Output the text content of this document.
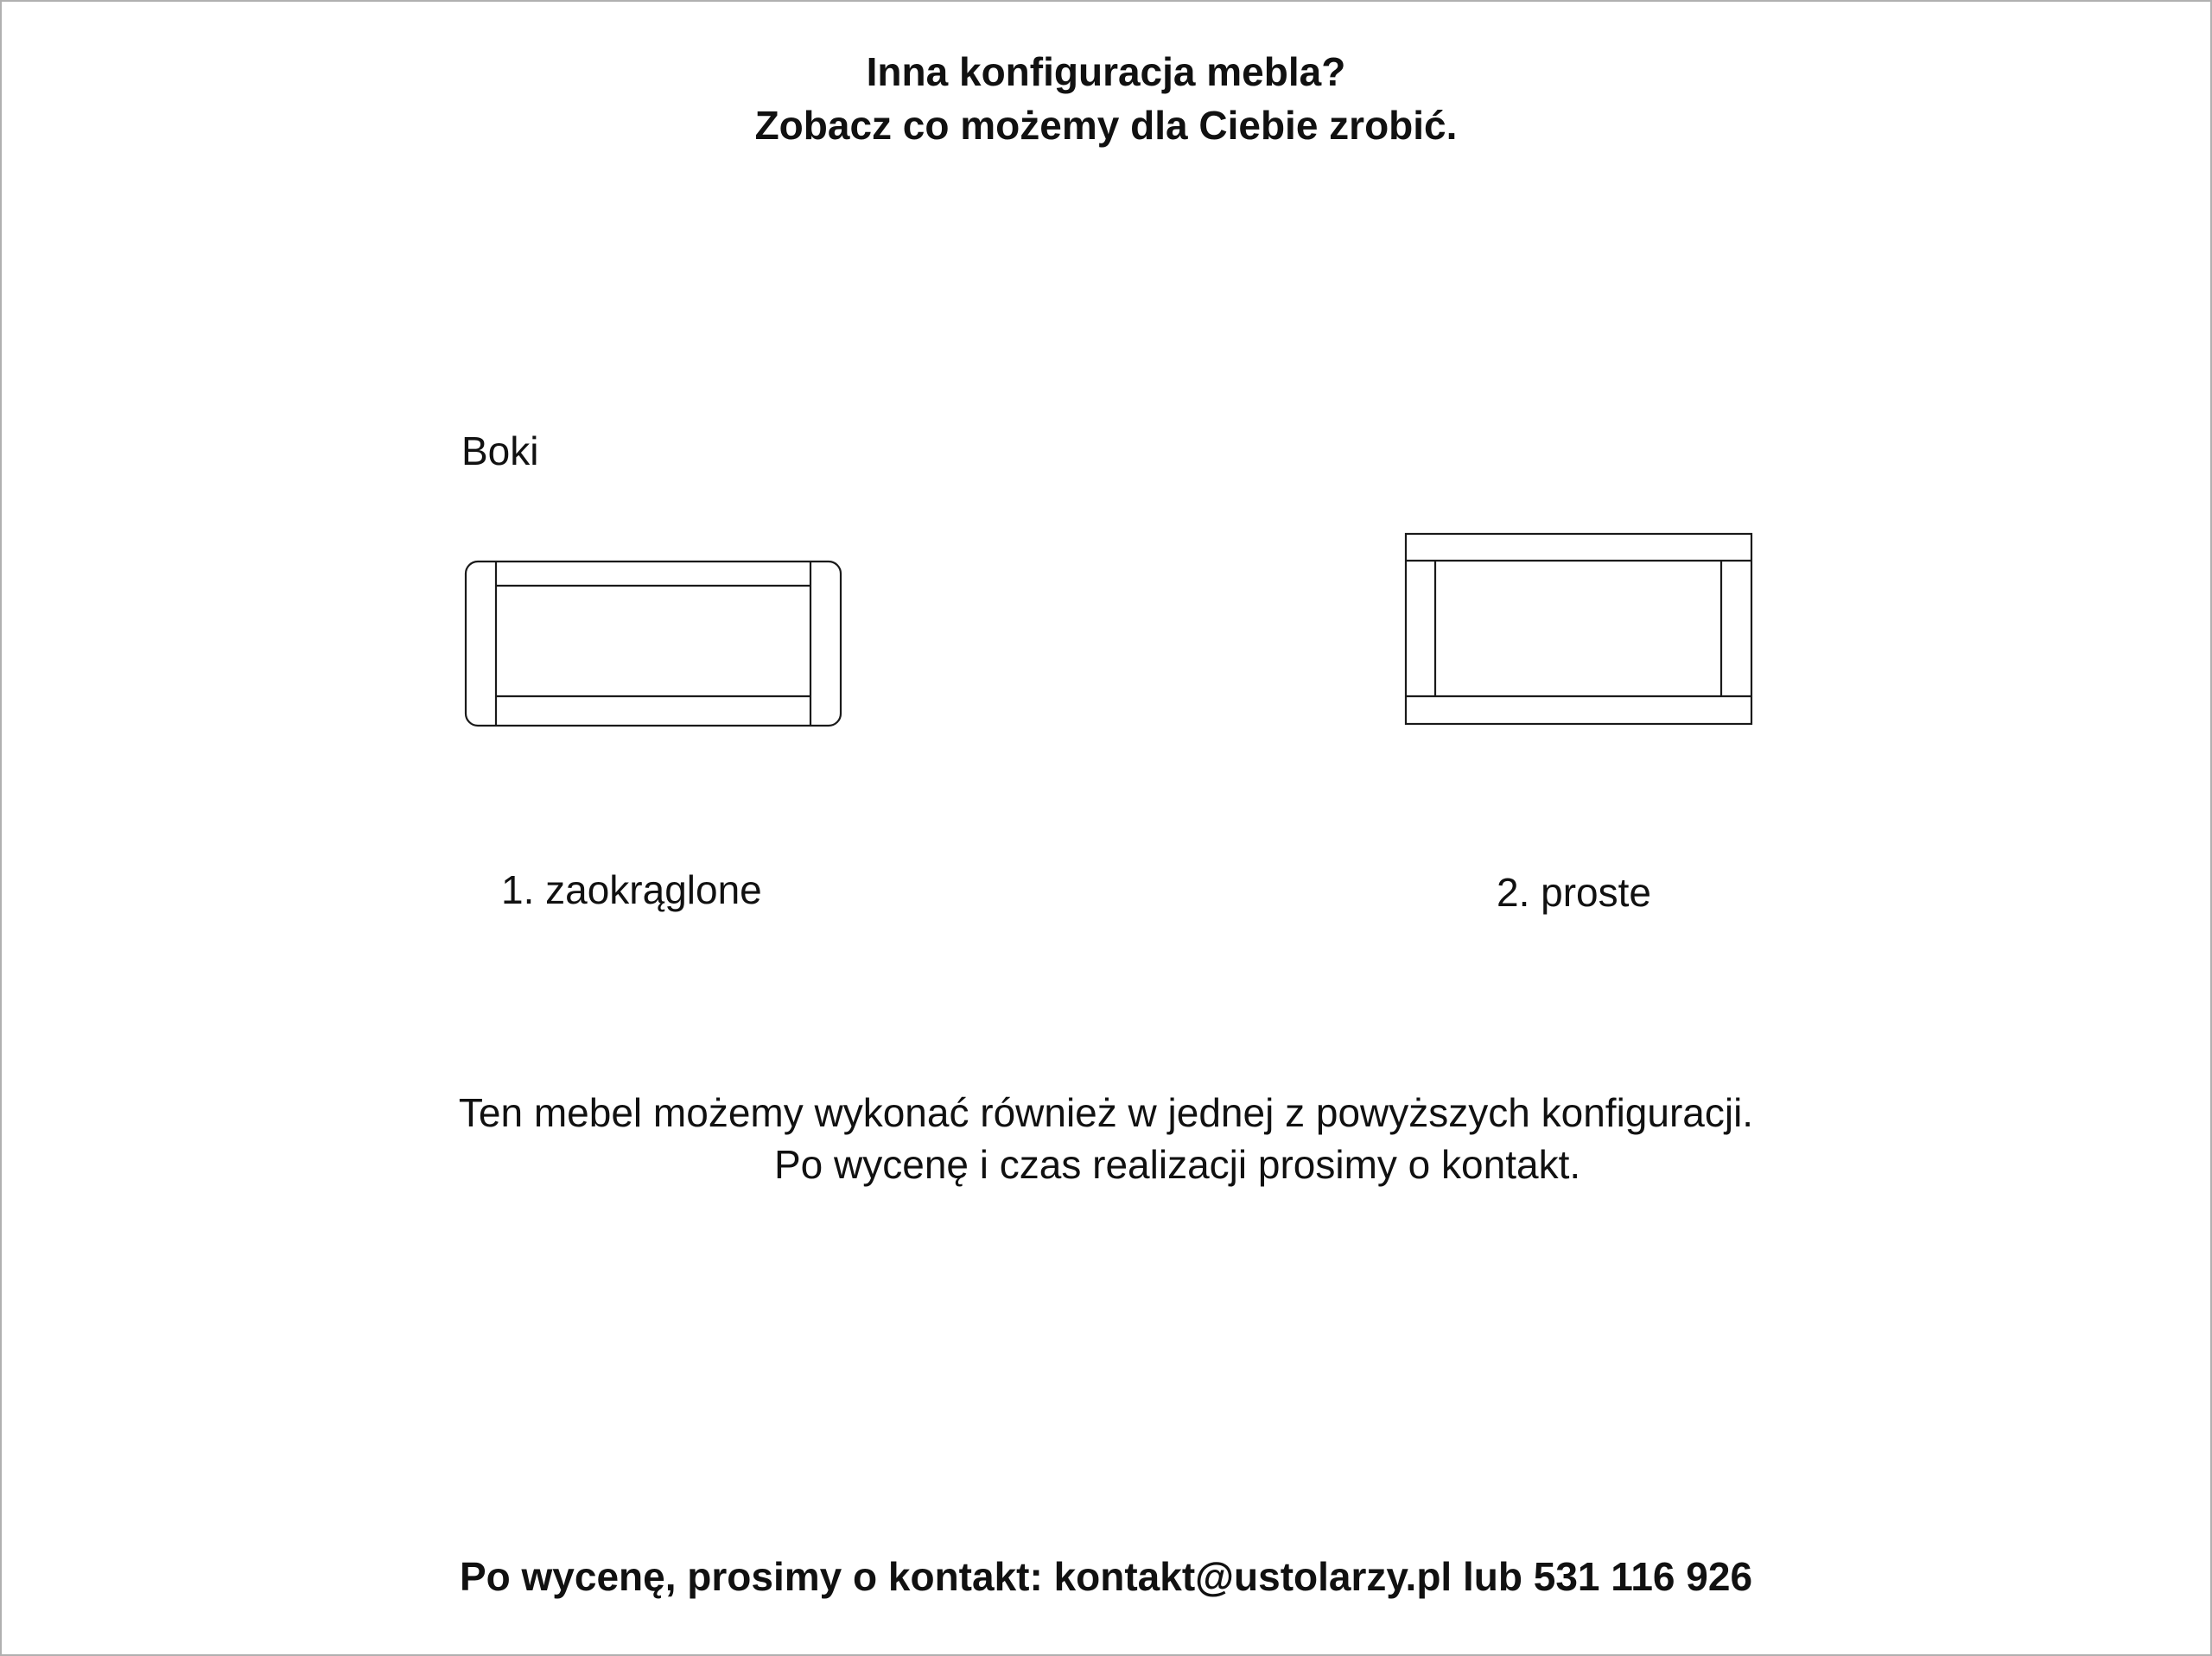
Inna konfiguracja mebla?
Zobacz co możemy dla Ciebie zrobić.
Boki
1. zaokrąglone	2. proste
Ten mebel możemy wykonać również w jednej z powyższych konfiguracji.
Po wycenę i czas realizacji prosimy o kontakt.
Po wycenę, prosimy o kontakt: kontakt@ustolarzy.pl lub 531 116 926
